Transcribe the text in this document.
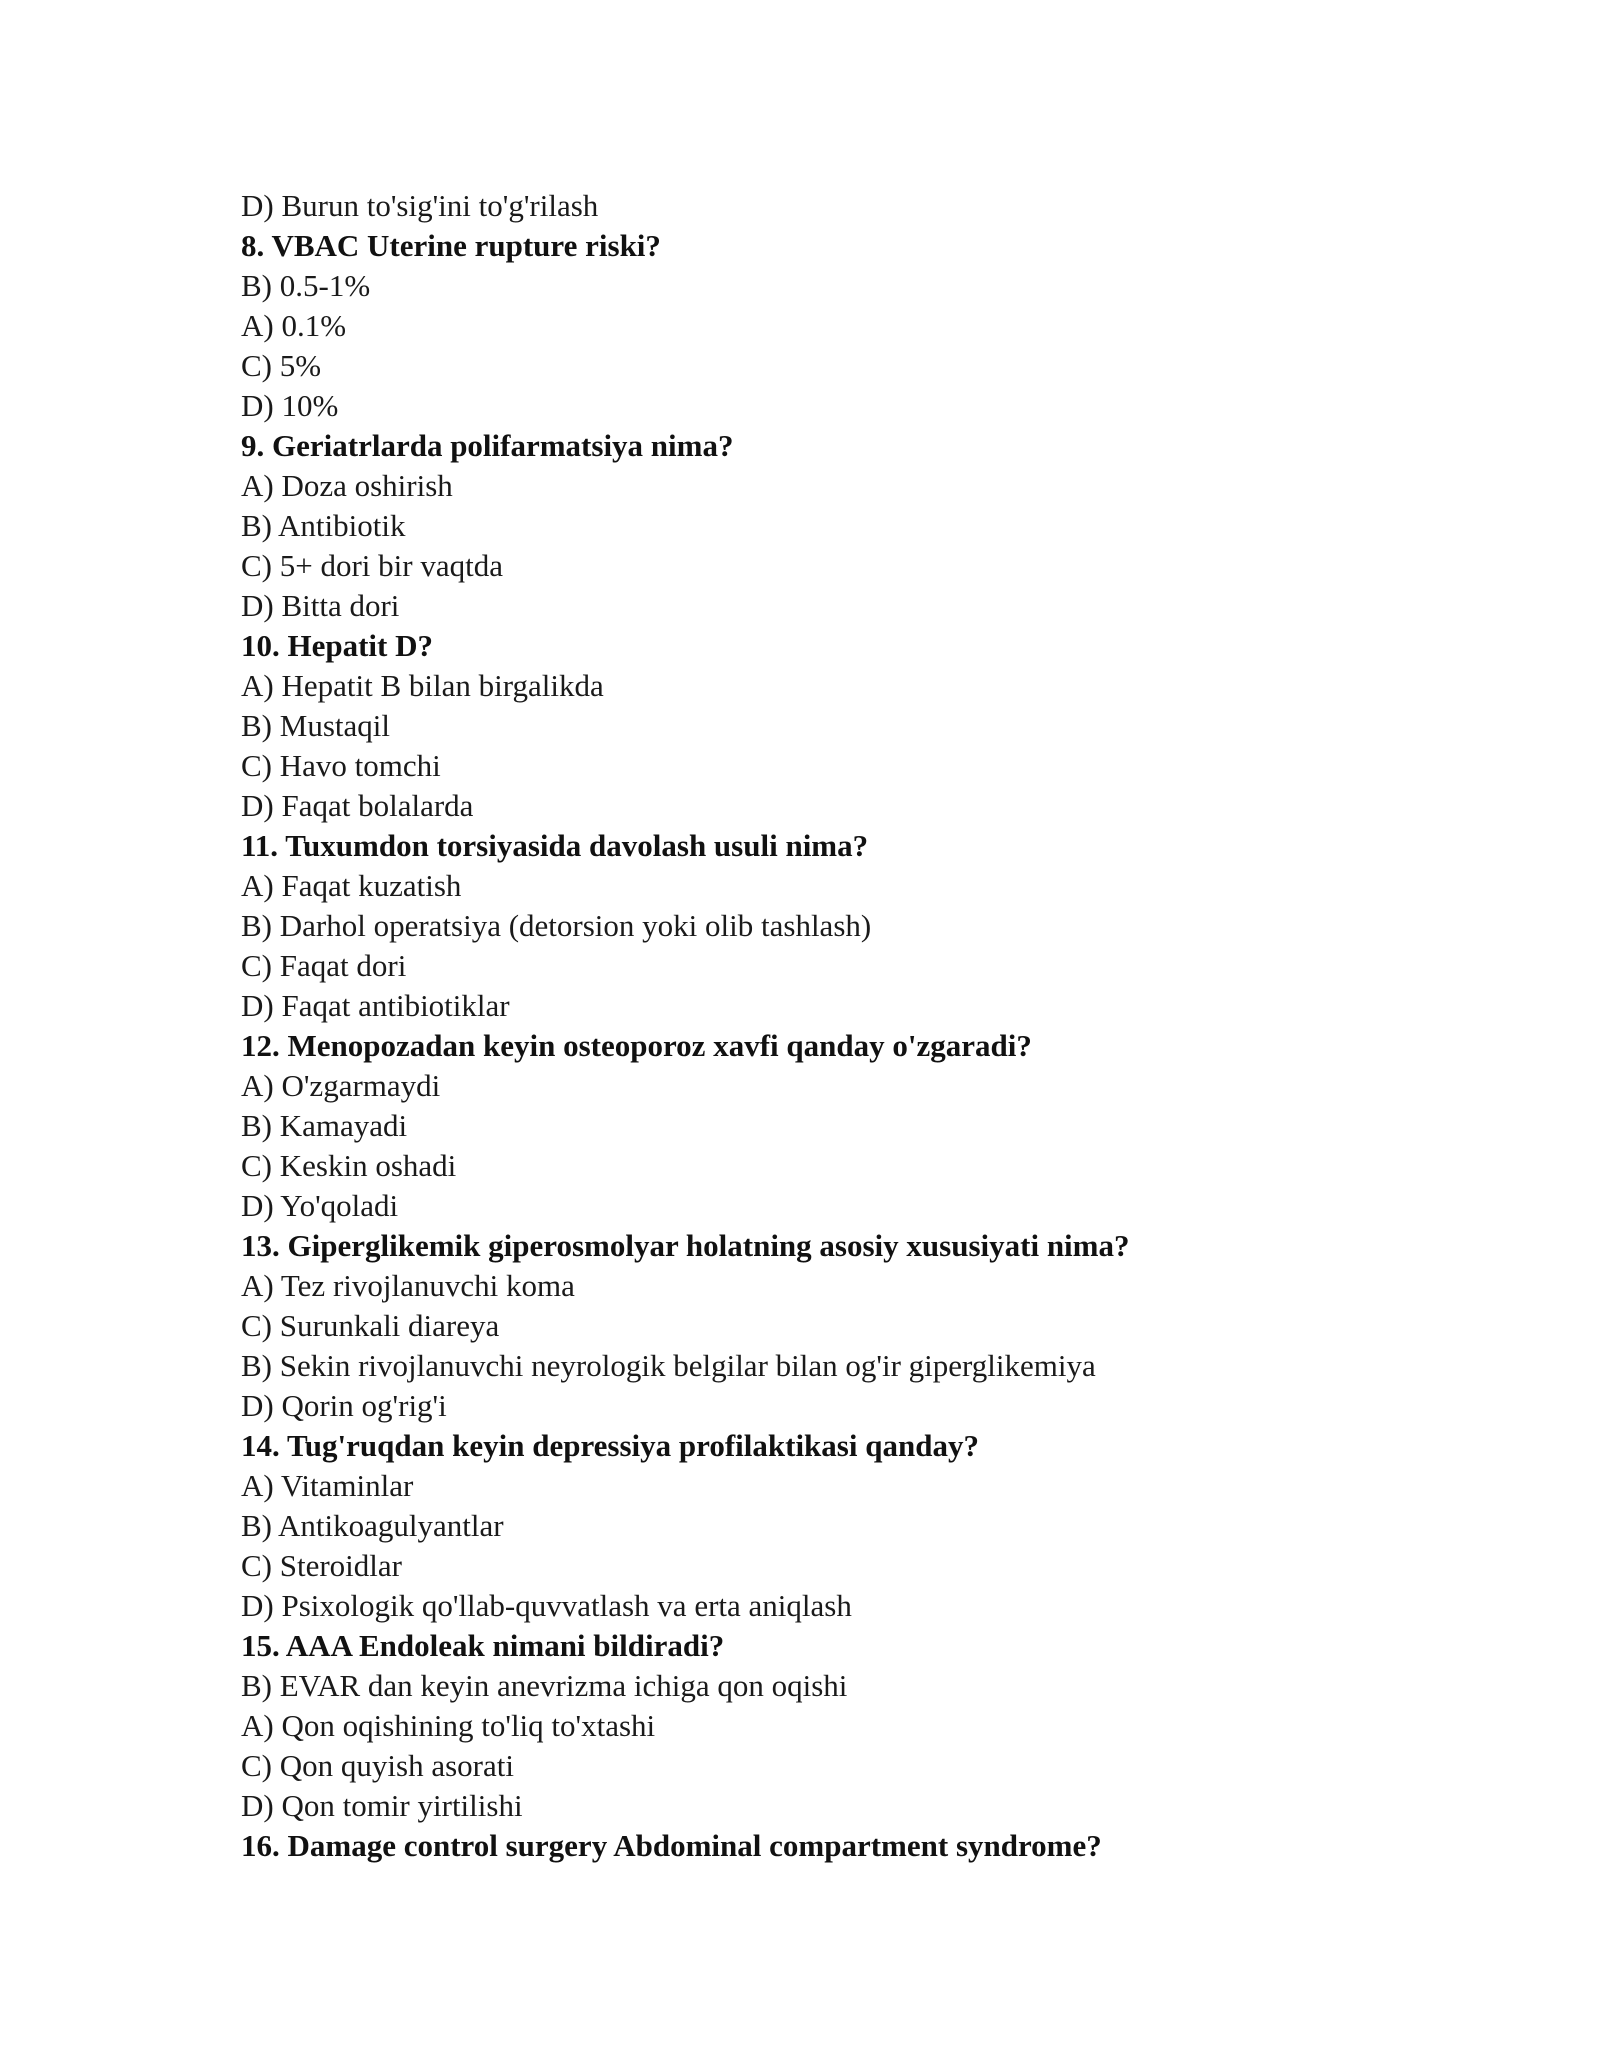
D) Burun to'sig'ini to'g'rilash
8. VBAC Uterine rupture riski?
B) 0.5-1%
A) 0.1%
C) 5%
D) 10%
9. Geriatrlarda polifarmatsiya nima?
A) Doza oshirish
B) Antibiotik
C) 5+ dori bir vaqtda
D) Bitta dori
10. Hepatit D?
A) Hepatit B bilan birgalikda
B) Mustaqil
C) Havo tomchi
D) Faqat bolalarda
11. Tuxumdon torsiyasida davolash usuli nima?
A) Faqat kuzatish
B) Darhol operatsiya (detorsion yoki olib tashlash)
C) Faqat dori
D) Faqat antibiotiklar
12. Menopozadan keyin osteoporoz xavfi qanday o'zgaradi?
A) O'zgarmaydi
B) Kamayadi
C) Keskin oshadi
D) Yo'qoladi
13. Giperglikemik giperosmolyar holatning asosiy xususiyati nima?
A) Tez rivojlanuvchi koma
C) Surunkali diareya
B) Sekin rivojlanuvchi neyrologik belgilar bilan og'ir giperglikemiya
D) Qorin og'rig'i
14. Tug'ruqdan keyin depressiya profilaktikasi qanday?
A) Vitaminlar
B) Antikoagulyantlar
C) Steroidlar
D) Psixologik qo'llab-quvvatlash va erta aniqlash
15. AAA Endoleak nimani bildiradi?
B) EVAR dan keyin anevrizma ichiga qon oqishi
A) Qon oqishining to'liq to'xtashi
C) Qon quyish asorati
D) Qon tomir yirtilishi
16. Damage control surgery Abdominal compartment syndrome?
